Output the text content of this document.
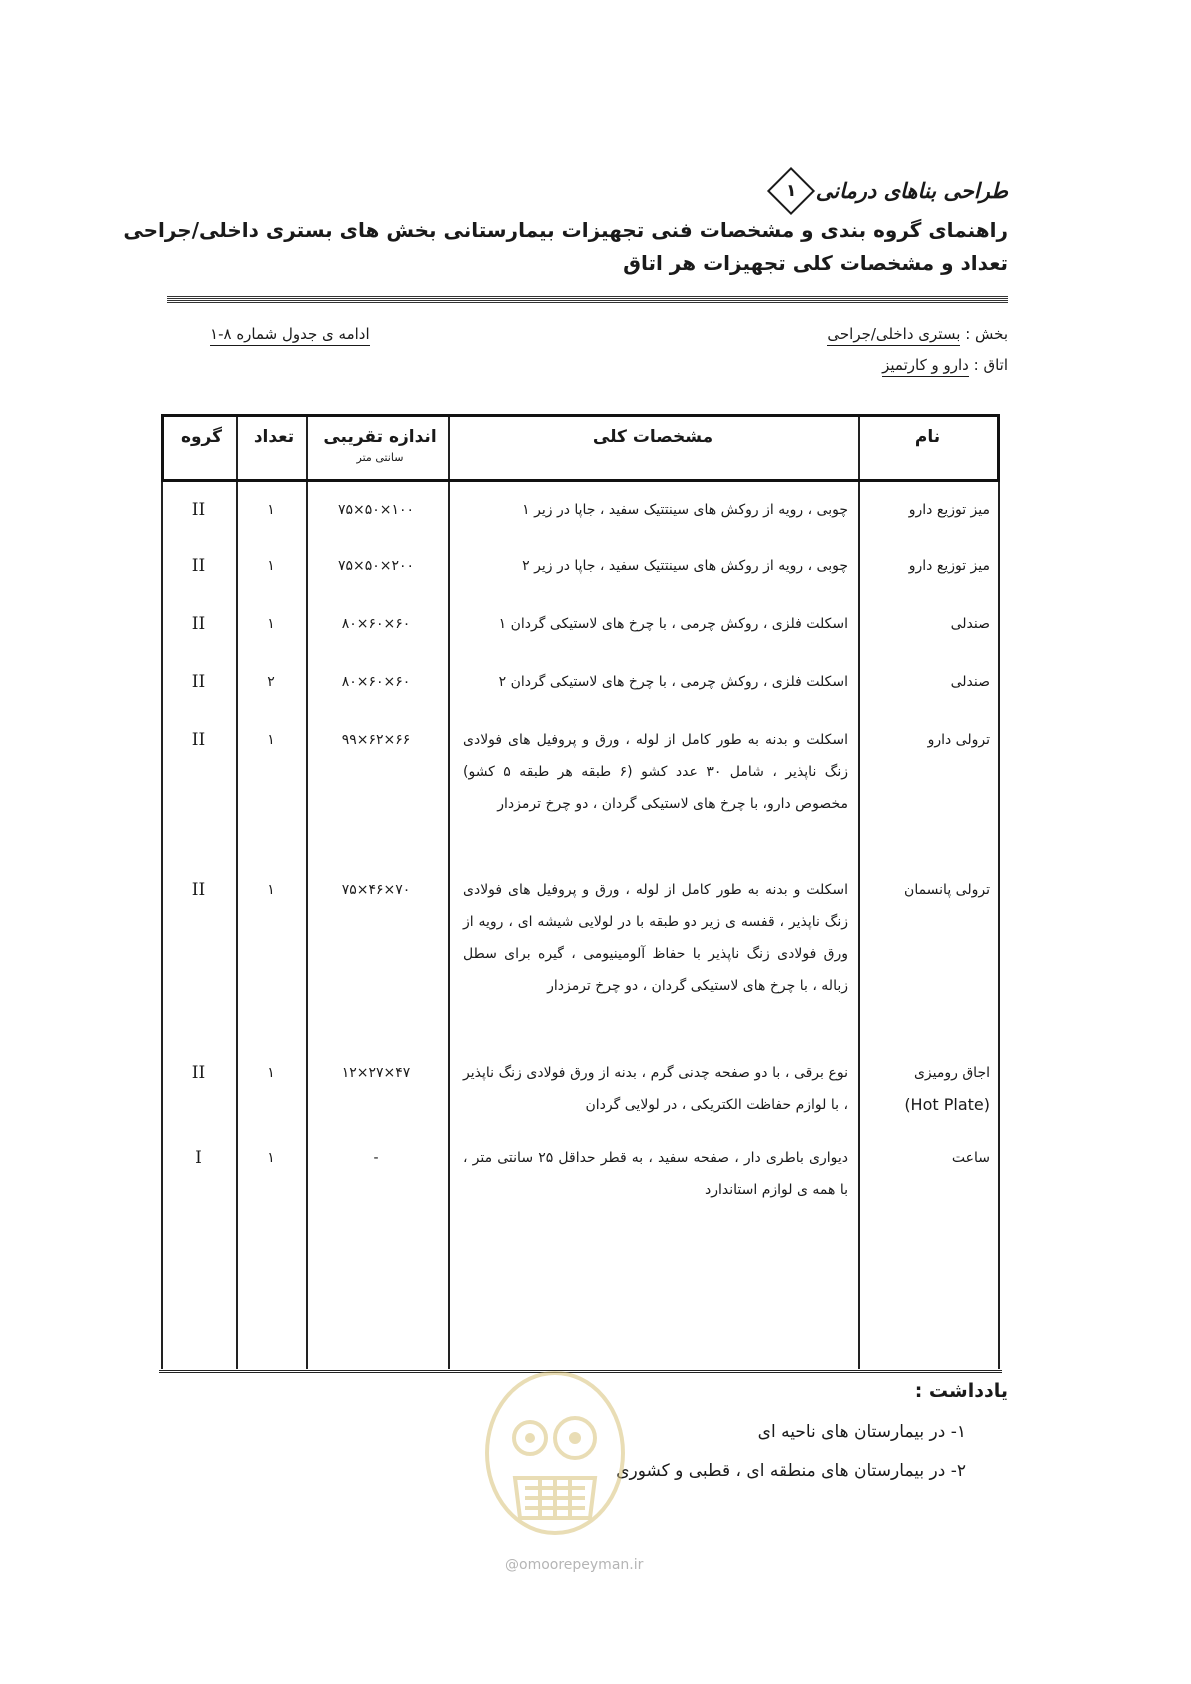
طراحی بناهای درمانی
۱
راهنمای گروه بندی و مشخصات فنی تجهیزات بیمارستانی بخش های بستری داخلی/جراحی
تعداد و مشخصات کلی تجهیزات هر اتاق
بخش : بستری داخلی/جراحی
اتاق : دارو و کارتمیز
ادامه ی جدول شماره ۸-۱
نام
مشخصات کلی
اندازه تقریبی
سانتی متر
تعداد
گروه
میز توزیع دارو
چوبی ، رویه از روکش های سینتتیک سفید ، جاپا در زیر ۱
۱۰۰×۵۰×۷۵
۱
II
میز توزیع دارو
چوبی ، رویه از روکش های سینتتیک سفید ، جاپا در زیر ۲
۲۰۰×۵۰×۷۵
۱
II
صندلی
اسکلت فلزی ، روکش چرمی ، با چرخ های لاستیکی گردان ۱
۶۰×۶۰×۸۰
۱
II
صندلی
اسکلت فلزی ، روکش چرمی ، با چرخ های لاستیکی گردان ۲
۶۰×۶۰×۸۰
۲
II
ترولی دارو
اسکلت و بدنه به طور کامل از لوله ، ورق و پروفیل های فولادی زنگ ناپذیر ، شامل ۳۰ عدد کشو (۶ طبقه هر طبقه ۵ کشو) مخصوص دارو، با چرخ های لاستیکی گردان ، دو چرخ ترمزدار
۶۶×۶۲×۹۹
۱
II
ترولی پانسمان
اسکلت و بدنه به طور کامل از لوله ، ورق و پروفیل های فولادی زنگ ناپذیر ، قفسه ی زیر دو طبقه با در لولایی شیشه ای ، رویه از ورق فولادی زنگ ناپذیر با حفاظ آلومینیومی ، گیره برای سطل زباله ، با چرخ های لاستیکی گردان ، دو چرخ ترمزدار
۷۰×۴۶×۷۵
۱
II
اجاق رومیزی
(Hot Plate)
نوع برقی ، با دو صفحه چدنی گرم ، بدنه از ورق فولادی زنگ ناپذیر ، با لوازم حفاظت الکتریکی ، در لولایی گردان
۴۷×۲۷×۱۲
۱
II
ساعت
دیواری باطری دار ، صفحه سفید ، به قطر حداقل ۲۵ سانتی متر ، با همه ی لوازم استاندارد
-
۱
I
یادداشت :
۱- در بیمارستان های ناحیه ای
۲- در بیمارستان های منطقه ای ، قطبی و کشوری
@omoorepeyman.ir
